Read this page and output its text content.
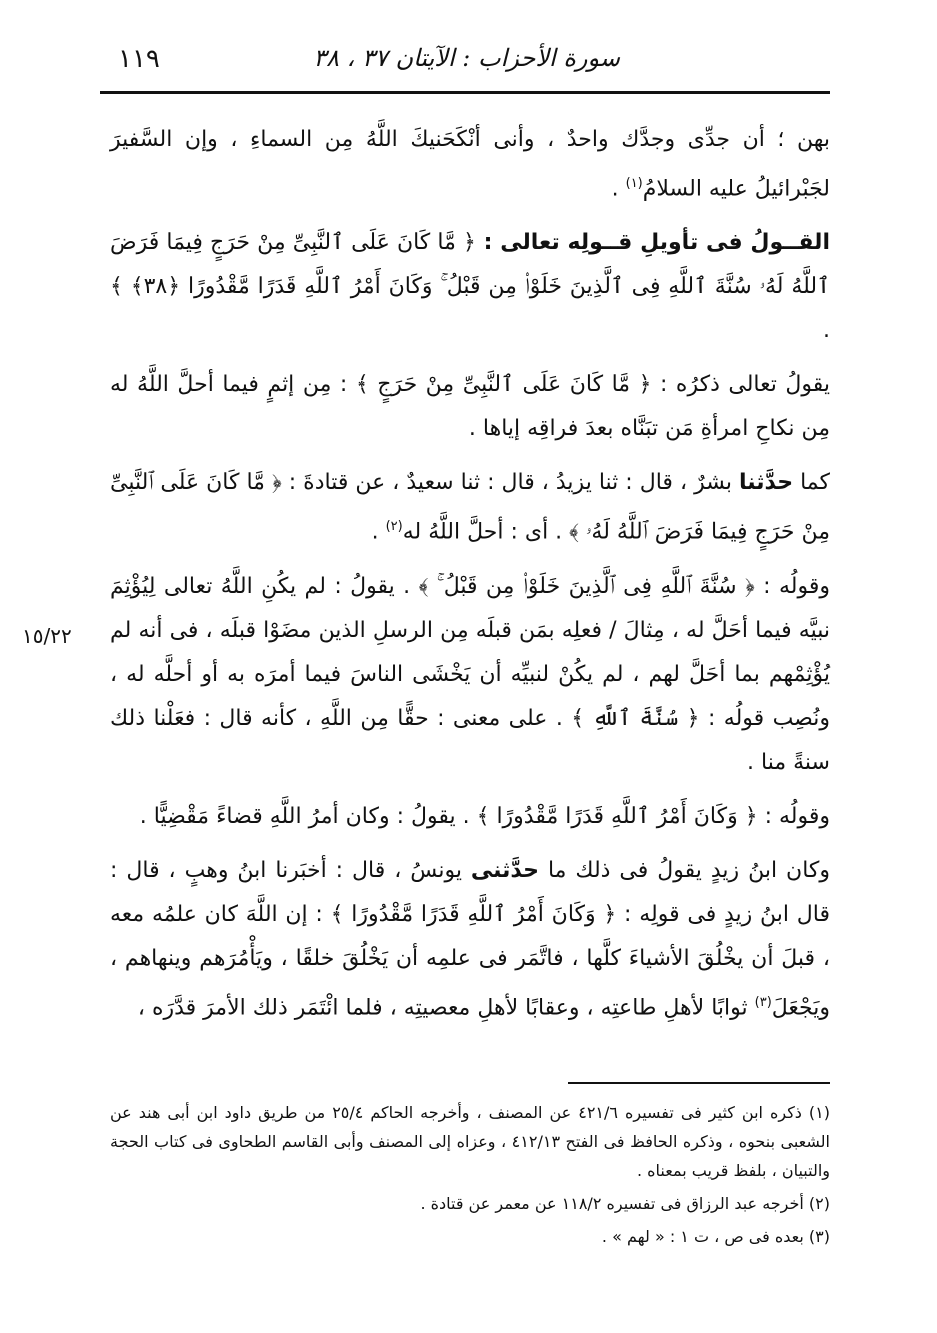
١١٩	سورة الأحزاب : الآيتان ٣٧ ، ٣٨
١٥/٢٢

بهن ؛ أن جدِّى وجدَّك واحدٌ ، وأنى أنْكَحَنيكَ اللَّهُ مِن السماءِ ، وإن السَّفيرَ لجَبْرائيلُ عليه السلامُ$^{(١)}$ .

القــولُ فى تأويلِ قــولِه تعالى : ﴿ مَّا كَانَ عَلَى ٱلنَّبِىِّ مِنْ حَرَجٍ فِيمَا فَرَضَ ٱللَّهُ لَهُۥ سُنَّةَ ٱللَّهِ فِى ٱلَّذِينَ خَلَوْا۟ مِن قَبْلُ ۚ وَكَانَ أَمْرُ ٱللَّهِ قَدَرًا مَّقْدُورًا ﴿٣٨﴾ ﴾ .

يقولُ تعالى ذكرُه : ﴿ مَّا كَانَ عَلَى ٱلنَّبِىِّ مِنْ حَرَجٍ ﴾ : مِن إثمٍ فيما أحلَّ اللَّهُ له مِن نكاحِ امرأةِ مَن تبَنَّاه بعدَ فراقِه إياها .

كما حدَّثنا بشرٌ ، قال : ثنا يزيدُ ، قال : ثنا سعيدٌ ، عن قتادةَ : ﴿ مَّا كَانَ عَلَى ٱلنَّبِىِّ مِنْ حَرَجٍ فِيمَا فَرَضَ ٱللَّهُ لَهُۥ ﴾ . أى : أحلَّ اللَّهُ له$^{(٢)}$ .

وقولُه : ﴿ سُنَّةَ ٱللَّهِ فِى ٱلَّذِينَ خَلَوْا۟ مِن قَبْلُ ۚ ﴾ . يقولُ : لم يكُنِ اللَّهُ تعالى لِيُؤْثِمَ نبيَّه فيما أحَلَّ له ، مِثالَ / فعلِه بمَن قبلَه مِن الرسلِ الذين مضَوْا قبلَه ، فى أنه لم يُؤْثِمْهم بما أحَلَّ لهم ، لم يكُنْ لنبيِّه أن يَخْشَى الناسَ فيما أمرَه به أو أحلَّه له ، ونُصِب قولُه : ﴿ سُنَّةَ ٱللَّهِ ﴾ . على معنى : حقًّا مِن اللَّهِ ، كأنه قال : فعَلْنا ذلك سنةً منا .

وقولُه : ﴿ وَكَانَ أَمْرُ ٱللَّهِ قَدَرًا مَّقْدُورًا ﴾ . يقولُ : وكان أمرُ اللَّهِ قضاءً مَقْضِيًّا .

وكان ابنُ زيدٍ يقولُ فى ذلك ما حدَّثنى يونسُ ، قال : أخبَرنا ابنُ وهبٍ ، قال : قال ابنُ زيدٍ فى قولِه : ﴿ وَكَانَ أَمْرُ ٱللَّهِ قَدَرًا مَّقْدُورًا ﴾ : إن اللَّهَ كان علمُه معه ، قبلَ أن يخْلُقَ الأشياءَ كلَّها ، فاتَّمَر فى علمِه أن يَخْلُقَ خلقًا ، ويَأْمُرَهم وينهاهم ، ويَجْعَلَ$^{(٣)}$ ثوابًا لأهلِ طاعتِه ، وعقابًا لأهلِ معصيتِه ، فلما ائْتَمَر ذلك الأمرَ قدَّرَه ،

(١) ذكره ابن كثير فى تفسيره ٤٢١/٦ عن المصنف ، وأخرجه الحاكم ٢٥/٤ من طريق داود ابن أبى هند عن الشعبى بنحوه ، وذكره الحافظ فى الفتح ٤١٢/١٣ ، وعزاه إلى المصنف وأبى القاسم الطحاوى فى كتاب الحجة والتبيان ، بلفظ قريب بمعناه .

(٢) أخرجه عبد الرزاق فى تفسيره ١١٨/٢ عن معمر عن قتادة .

(٣) بعده فى ص ، ت ١ : « لهم » .
